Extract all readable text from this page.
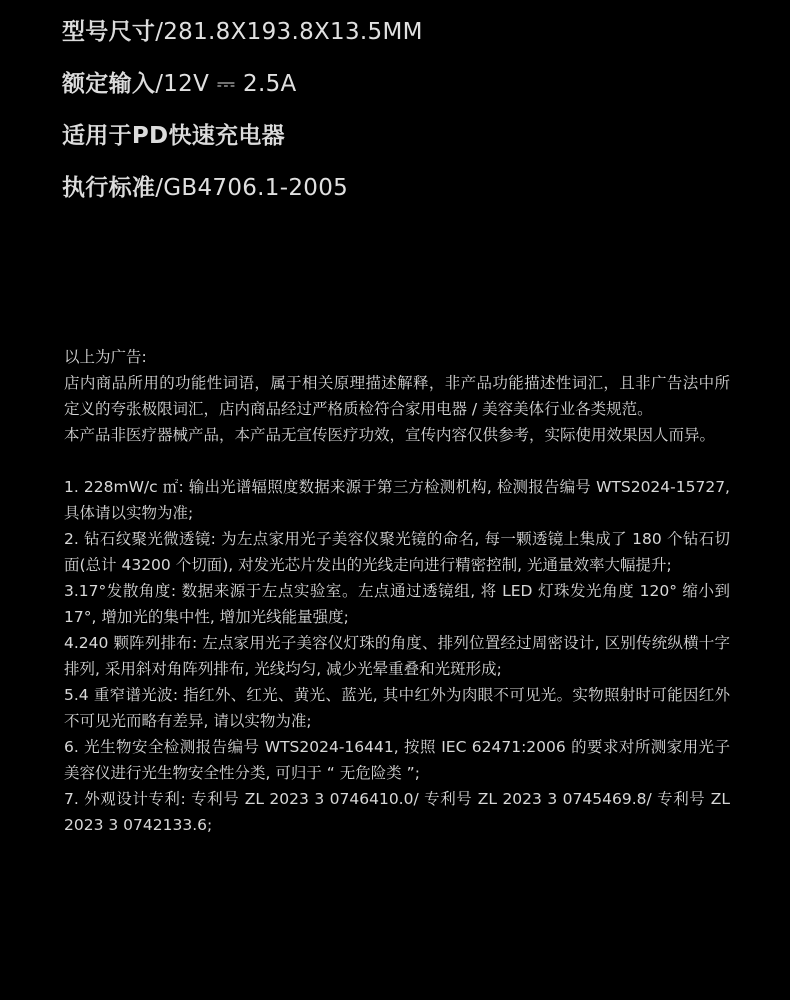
型号尺寸/281.8X193.8X13.5MM
额定输入/12V ⎓ 2.5A
适用于PD快速充电器
执行标准/GB4706.1-2005

以上为广告:

店内商品所用的功能性词语，属于相关原理描述解释，非产品功能描述性词汇，且非广告法中所定义的夸张极限词汇，店内商品经过严格质检符合家用电器 / 美容美体行业各类规范。

本产品非医疗器械产品，本产品无宣传医疗功效，宣传内容仅供参考，实际使用效果因人而异。

1. 228mW/c ㎡: 输出光谱辐照度数据来源于第三方检测机构, 检测报告编号 WTS2024-15727,具体请以实物为准;

2. 钻石纹聚光微透镜: 为左点家用光子美容仪聚光镜的命名, 每一颗透镜上集成了 180 个钻石切面(总计 43200 个切面), 对发光芯片发出的光线走向进行精密控制, 光通量效率大幅提升;

3.17°发散角度: 数据来源于左点实验室。左点通过透镜组, 将 LED 灯珠发光角度 120° 缩小到 17°, 增加光的集中性, 增加光线能量强度;

4.240 颗阵列排布: 左点家用光子美容仪灯珠的角度、排列位置经过周密设计, 区别传统纵横十字排列, 采用斜对角阵列排布, 光线均匀, 减少光晕重叠和光斑形成;

5.4 重窄谱光波: 指红外、红光、黄光、蓝光, 其中红外为肉眼不可见光。实物照射时可能因红外不可见光而略有差异, 请以实物为准;

6. 光生物安全检测报告编号 WTS2024-16441, 按照 IEC 62471:2006 的要求对所测家用光子美容仪进行光生物安全性分类, 可归于 “ 无危险类 ”;

7. 外观设计专利: 专利号 ZL 2023 3 0746410.0/ 专利号 ZL 2023 3 0745469.8/ 专利号 ZL 2023 3 0742133.6;
